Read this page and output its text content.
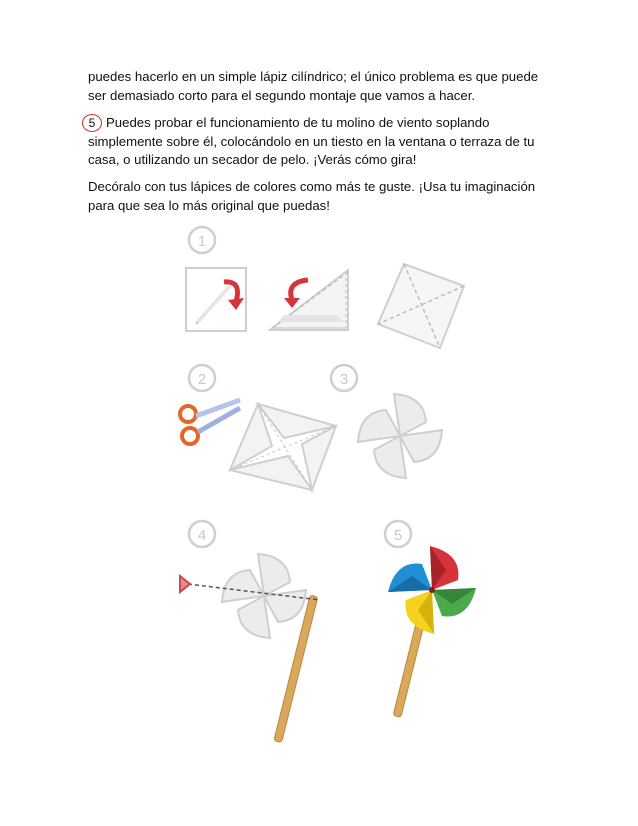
puedes hacerlo en un simple lápiz cilíndrico; el único problema es que puede ser demasiado corto para el segundo montaje que vamos a hacer.

5 Puedes probar el funcionamiento de tu molino de viento soplando simplemente sobre él, colocándolo en un tiesto en la ventana o terraza de tu casa, o utilizando un secador de pelo. ¡Verás cómo gira!

Decóralo con tus lápices de colores como más te guste. ¡Usa tu imaginación para que sea lo más original que puedas!

1
2	3
4	5
